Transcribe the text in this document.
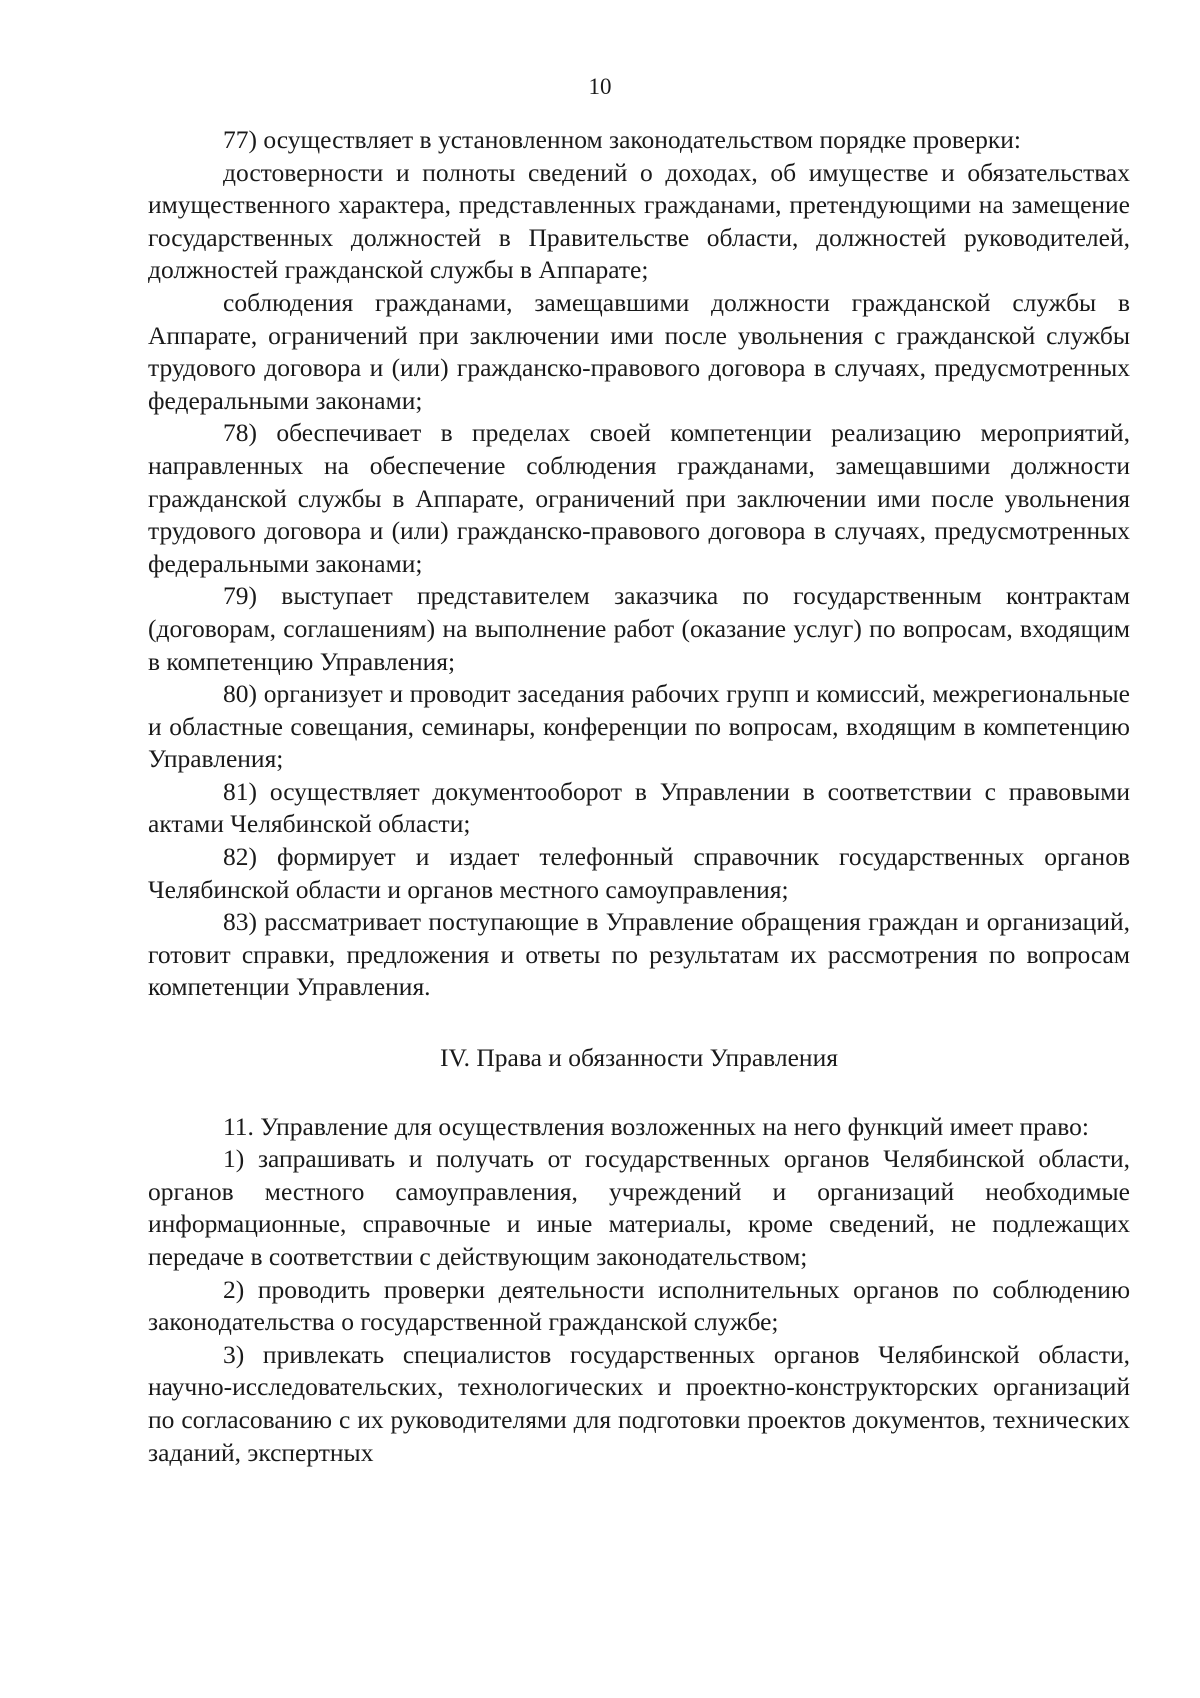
10

77) осуществляет в установленном законодательством порядке проверки:

достоверности и полноты сведений о доходах, об имуществе и обязательствах имущественного характера, представленных гражданами, претендующими на замещение государственных должностей в Правительстве области, должностей руководителей, должностей гражданской службы в Аппарате;

соблюдения гражданами, замещавшими должности гражданской службы в Аппарате, ограничений при заключении ими после увольнения с гражданской службы трудового договора и (или) гражданско-правового договора в случаях, предусмотренных федеральными законами;

78) обеспечивает в пределах своей компетенции реализацию мероприятий, направленных на обеспечение соблюдения гражданами, замещавшими должности гражданской службы в Аппарате, ограничений при заключении ими после увольнения трудового договора и (или) гражданско-правового договора в случаях, предусмотренных федеральными законами;

79) выступает представителем заказчика по государственным контрактам (договорам, соглашениям) на выполнение работ (оказание услуг) по вопросам, входящим в компетенцию Управления;

80) организует и проводит заседания рабочих групп и комиссий, межрегиональные и областные совещания, семинары, конференции по вопросам, входящим в компетенцию Управления;

81) осуществляет документооборот в Управлении в соответствии с правовыми актами Челябинской области;

82) формирует и издает телефонный справочник государственных органов Челябинской области и органов местного самоуправления;

83) рассматривает поступающие в Управление обращения граждан и организаций, готовит справки, предложения и ответы по результатам их рассмотрения по вопросам компетенции Управления.

IV. Права и обязанности Управления

11. Управление для осуществления возложенных на него функций имеет право:

1) запрашивать и получать от государственных органов Челябинской области, органов местного самоуправления, учреждений и организаций необходимые информационные, справочные и иные материалы, кроме сведений, не подлежащих передаче в соответствии с действующим законодательством;

2) проводить проверки деятельности исполнительных органов по соблюдению законодательства о государственной гражданской службе;

3) привлекать специалистов государственных органов Челябинской области, научно-исследовательских, технологических и проектно-конструкторских организаций по согласованию с их руководителями для подготовки проектов документов, технических заданий, экспертных
